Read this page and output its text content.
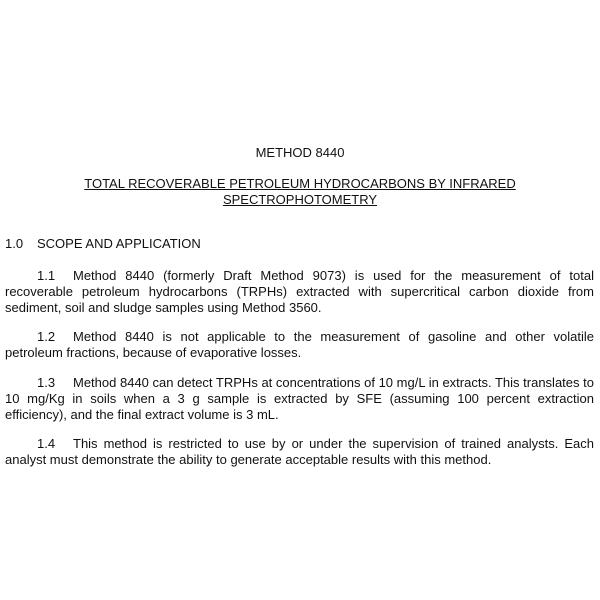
METHOD 8440
TOTAL RECOVERABLE PETROLEUM HYDROCARBONS BY INFRARED
SPECTROPHOTOMETRY
1.0 SCOPE AND APPLICATION

1.1 Method 8440 (formerly Draft Method 9073) is used for the measurement of total recoverable petroleum hydrocarbons (TRPHs) extracted with supercritical carbon dioxide from sediment, soil and sludge samples using Method 3560.

1.2 Method 8440 is not applicable to the measurement of gasoline and other volatile petroleum fractions, because of evaporative losses.

1.3 Method 8440 can detect TRPHs at concentrations of 10 mg/L in extracts. This translates to 10 mg/Kg in soils when a 3 g sample is extracted by SFE (assuming 100 percent extraction efficiency), and the final extract volume is 3 mL.

1.4 This method is restricted to use by or under the supervision of trained analysts. Each analyst must demonstrate the ability to generate acceptable results with this method.
